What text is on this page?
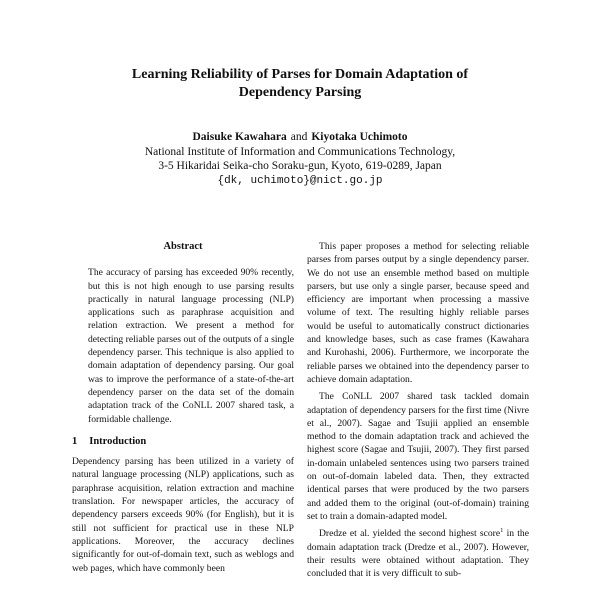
Learning Reliability of Parses for Domain Adaptation of
Dependency Parsing
Daisuke Kawahara and Kiyotaka Uchimoto
National Institute of Information and Communications Technology,
3-5 Hikaridai Seika-cho Soraku-gun, Kyoto, 619-0289, Japan
{dk, uchimoto}@nict.go.jp
Abstract

The accuracy of parsing has exceeded 90% recently, but this is not high enough to use parsing results practically in natural language processing (NLP) applications such as paraphrase acquisition and relation extraction. We present a method for detecting reliable parses out of the outputs of a single dependency parser. This technique is also applied to domain adaptation of dependency parsing. Our goal was to improve the performance of a state-of-the-art dependency parser on the data set of the domain adaptation track of the CoNLL 2007 shared task, a formidable challenge.

1 Introduction

Dependency parsing has been utilized in a variety of natural language processing (NLP) applications, such as paraphrase acquisition, relation extraction and machine translation. For newspaper articles, the accuracy of dependency parsers exceeds 90% (for English), but it is still not sufficient for practical use in these NLP applications. Moreover, the accuracy declines significantly for out-of-domain text, such as weblogs and web pages, which have commonly been

This paper proposes a method for selecting reliable parses from parses output by a single dependency parser. We do not use an ensemble method based on multiple parsers, but use only a single parser, because speed and efficiency are important when processing a massive volume of text. The resulting highly reliable parses would be useful to automatically construct dictionaries and knowledge bases, such as case frames (Kawahara and Kurohashi, 2006). Furthermore, we incorporate the reliable parses we obtained into the dependency parser to achieve domain adaptation.

The CoNLL 2007 shared task tackled domain adaptation of dependency parsers for the first time (Nivre et al., 2007). Sagae and Tsujii applied an ensemble method to the domain adaptation track and achieved the highest score (Sagae and Tsujii, 2007). They first parsed in-domain unlabeled sentences using two parsers trained on out-of-domain labeled data. Then, they extracted identical parses that were produced by the two parsers and added them to the original (out-of-domain) training set to train a domain-adapted model.

Dredze et al. yielded the second highest score$^1$ in the domain adaptation track (Dredze et al., 2007). However, their results were obtained without adaptation. They concluded that it is very difficult to sub-
